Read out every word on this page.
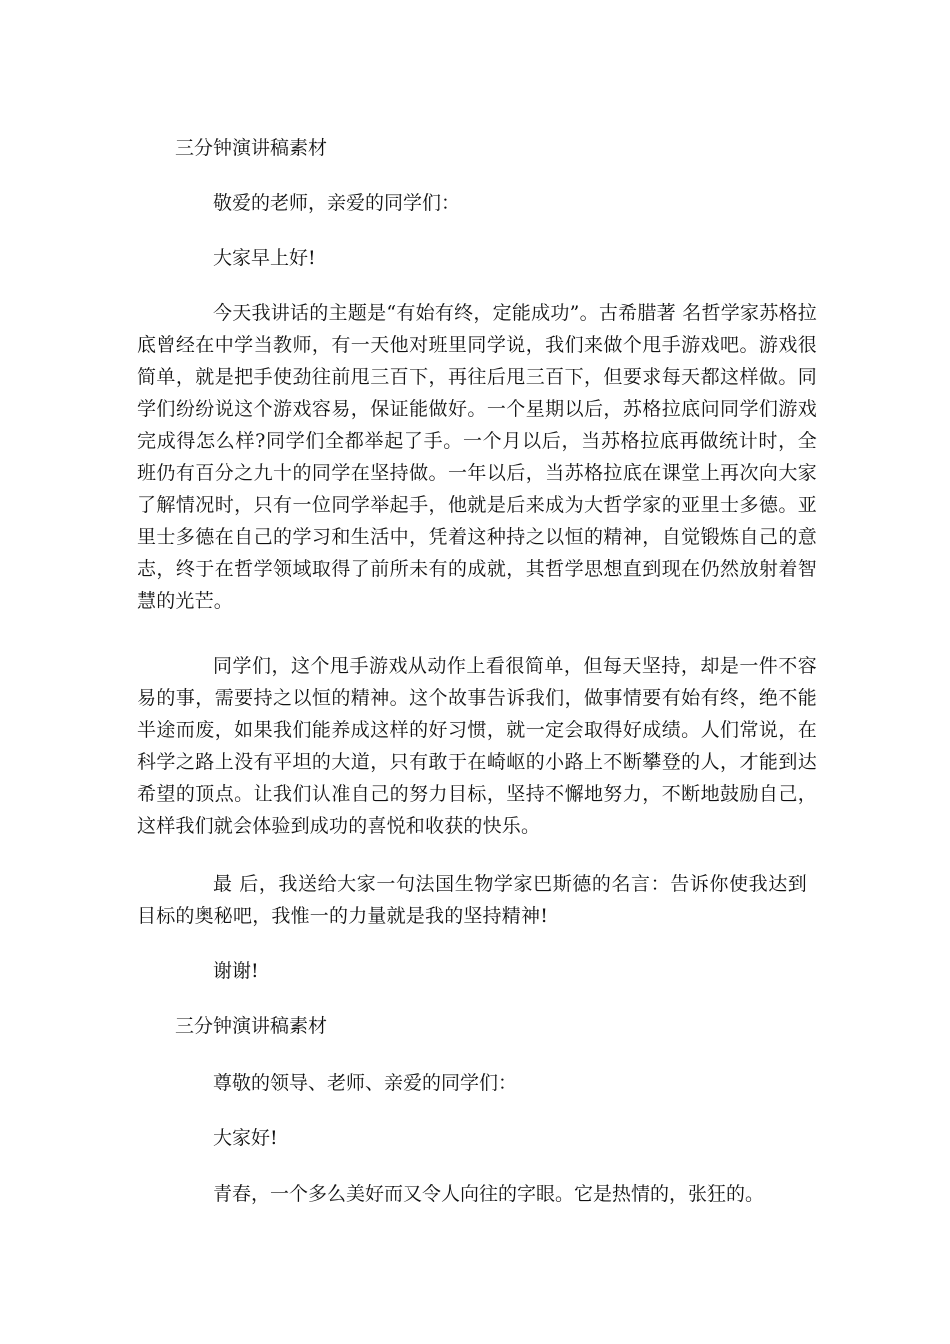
三分钟演讲稿素材

敬爱的老师，亲爱的同学们：

大家早上好!

今天我讲话的主题是“有始有终，定能成功”。古希腊著 名哲学家苏格拉底曾经在中学当教师，有一天他对班里同学说，我们来做个甩手游戏吧。游戏很简单，就是把手使劲往前甩三百下，再往后甩三百下，但要求每天都这样做。同学们纷纷说这个游戏容易，保证能做好。一个星期以后，苏格拉底问同学们游戏完成得怎么样?同学们全都举起了手。一个月以后，当苏格拉底再做统计时，全班仍有百分之九十的同学在坚持做。一年以后，当苏格拉底在课堂上再次向大家了解情况时，只有一位同学举起手，他就是后来成为大哲学家的亚里士多德。亚里士多德在自己的学习和生活中，凭着这种持之以恒的精神，自觉锻炼自己的意志，终于在哲学领域取得了前所未有的成就，其哲学思想直到现在仍然放射着智慧的光芒。

同学们，这个甩手游戏从动作上看很简单，但每天坚持，却是一件不容易的事，需要持之以恒的精神。这个故事告诉我们，做事情要有始有终，绝不能半途而废，如果我们能养成这样的好习惯，就一定会取得好成绩。人们常说，在科学之路上没有平坦的大道，只有敢于在崎岖的小路上不断攀登的人，才能到达希望的顶点。让我们认准自己的努力目标，坚持不懈地努力，不断地鼓励自己，这样我们就会体验到成功的喜悦和收获的快乐。

最 后，我送给大家一句法国生物学家巴斯德的名言：告诉你使我达到目标的奥秘吧，我惟一的力量就是我的坚持精神!

谢谢!

三分钟演讲稿素材

尊敬的领导、老师、亲爱的同学们：

大家好!

青春，一个多么美好而又令人向往的字眼。它是热情的，张狂的。
